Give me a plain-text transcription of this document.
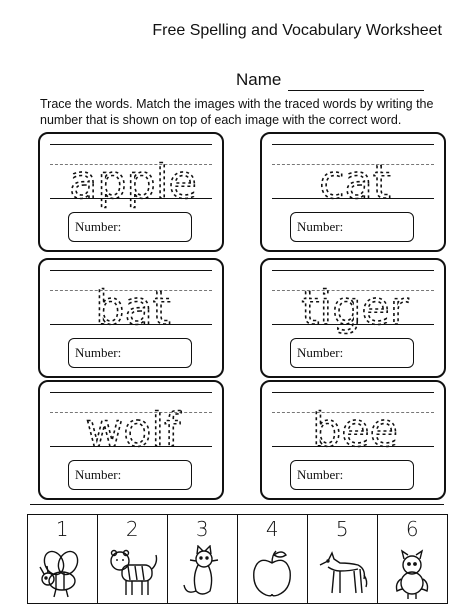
Free Spelling and Vocabulary Worksheet
Name
Trace the words. Match the images with the traced words by writing the number that is shown on top of each image with the correct word.
apple
Number:
cat
Number:
bat
Number:
tiger
Number:
wolf
Number:
bee
Number:
1	2	3	4	5	6
